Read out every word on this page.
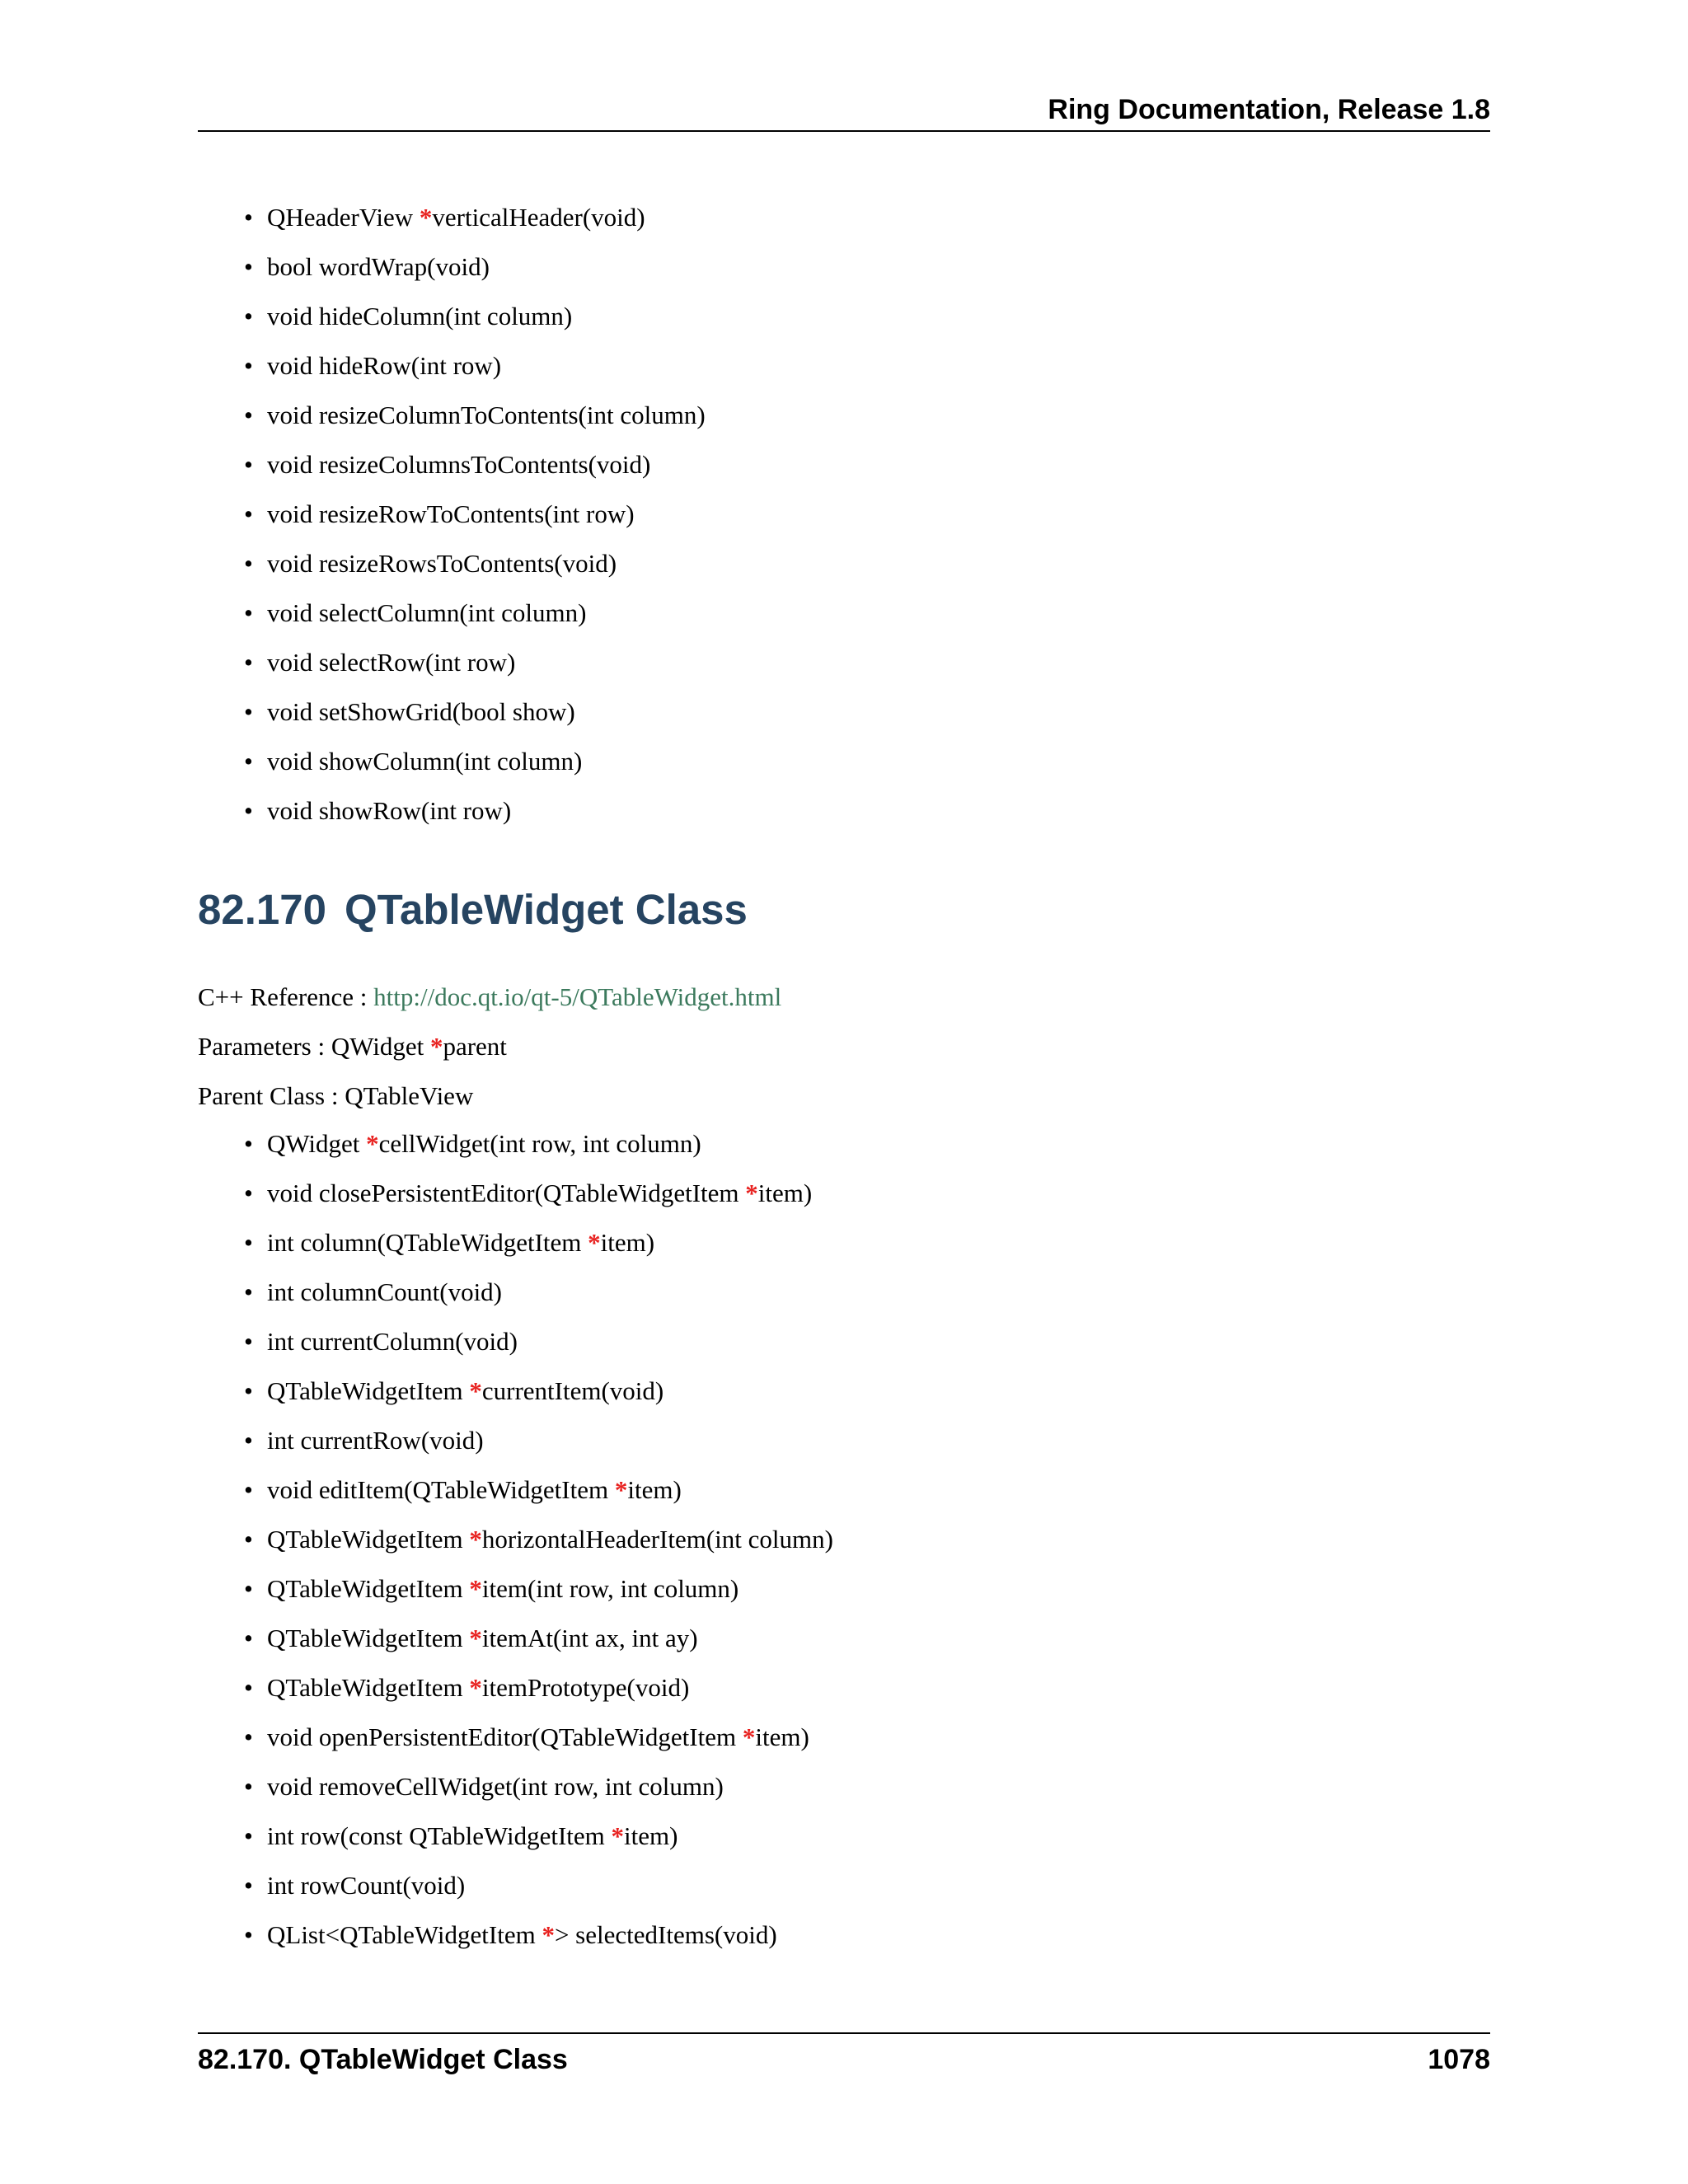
Ring Documentation, Release 1.8
• QHeaderView *verticalHeader(void)
• bool wordWrap(void)
• void hideColumn(int column)
• void hideRow(int row)
• void resizeColumnToContents(int column)
• void resizeColumnsToContents(void)
• void resizeRowToContents(int row)
• void resizeRowsToContents(void)
• void selectColumn(int column)
• void selectRow(int row)
• void setShowGrid(bool show)
• void showColumn(int column)
• void showRow(int row)
82.170 QTableWidget Class
C++ Reference : http://doc.qt.io/qt-5/QTableWidget.html
Parameters : QWidget *parent
Parent Class : QTableView
• QWidget *cellWidget(int row, int column)
• void closePersistentEditor(QTableWidgetItem *item)
• int column(QTableWidgetItem *item)
• int columnCount(void)
• int currentColumn(void)
• QTableWidgetItem *currentItem(void)
• int currentRow(void)
• void editItem(QTableWidgetItem *item)
• QTableWidgetItem *horizontalHeaderItem(int column)
• QTableWidgetItem *item(int row, int column)
• QTableWidgetItem *itemAt(int ax, int ay)
• QTableWidgetItem *itemPrototype(void)
• void openPersistentEditor(QTableWidgetItem *item)
• void removeCellWidget(int row, int column)
• int row(const QTableWidgetItem *item)
• int rowCount(void)
• QList<QTableWidgetItem *> selectedItems(void)
82.170. QTableWidget Class	1078
